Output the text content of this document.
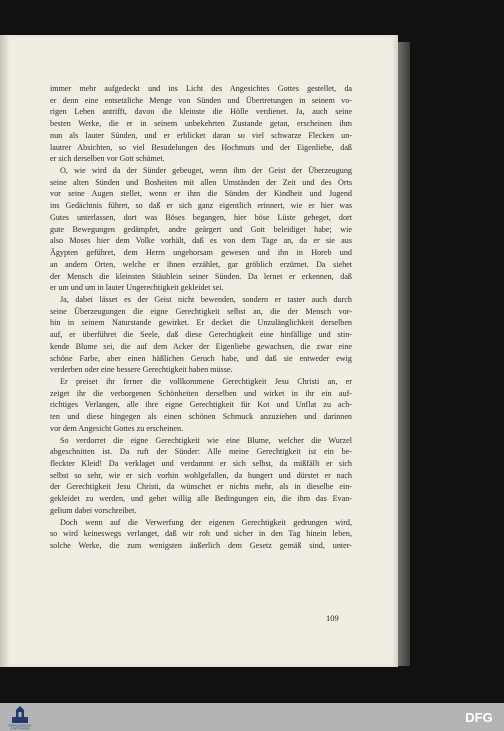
immer mehr aufgedeckt und ins Licht des Angesichtes Gottes gestellet, da
er denn eine entsetzliche Menge von Sünden und Übertretungen in seinem vo-
rigen Leben antrifft, davon die kleinste die Hölle verdienet. Ja, auch seine
besten Werke, die er in seinem unbekehrten Zustande getan, erscheinen ihm
nun als lauter Sünden, und er erblicket daran so viel schwarze Flecken un-
lautrer Absichten, so viel Besudelungen des Hochmuts und der Eigenliebe, daß
er sich derselben vor Gott schämet.
O, wie wird da der Sünder gebeuget, wenn ihm der Geist der Überzeugung
seine alten Sünden und Bosheiten mit allen Umständen der Zeit und des Orts
vor seine Augen stellet, wenn er ihm die Sünden der Kindheit und Jugend
ins Gedächtnis führet, so daß er sich ganz eigentlich erinnert, wie er hier was
Gutes unterlassen, dort was Böses begangen, hier böse Lüste geheget, dort
gute Bewegungen gedämpfet, andre geärgert und Gott beleidiget habe; wie
also Moses hier dem Volke vorhält, daß es von dem Tage an, da er sie aus
Ägypten geführet, dem Herrn ungehorsam gewesen und ihn in Horeb und
an andern Orten, welche er ihnen erzählet, gar gröblich erzürnet. Da siehet
der Mensch die kleinsten Stäublein seiner Sünden. Da lernet er erkennen, daß
er um und um in lauter Ungerechtigkeit gekleidet sei.
Ja, dabei lässet es der Geist nicht bewenden, sondern er taster auch durch
seine Überzeugungen die eigne Gerechtigkeit selbst an, die der Mensch vor-
hin in seinem Naturstande gewirket. Er decket die Unzulänglichkeit derselben
auf, er überführet die Seele, daß diese Gerechtigkeit eine hinfällige und stin-
kende Blume sei, die auf dem Acker der Eigenliebe gewachsen, die zwar eine
schöne Farbe, aber einen häßlichen Geruch habe, und daß sie entweder ewig
verderben oder eine bessere Gerechtigkeit haben müsse.
Er preiset ihr ferner die vollkommene Gerechtigkeit Jesu Christi an, er
zeiget ihr die verborgenen Schönheiten derselben und wirket in ihr ein auf-
richtiges Verlangen, alle ihre eigne Gerechtigkeit für Kot und Unflat zu ach-
ten und diese hingegen als einen schönen Schmuck anzuziehen und darinnen
vor dem Angesicht Gottes zu erscheinen.
So verdorret die eigne Gerechtigkeit wie eine Blume, welcher die Wurzel
abgeschnitten ist. Da ruft der Sünder: Alle meine Gerechtigkeit ist ein be-
fleckter Kleid! Da verklaget und verdammt er sich selbst, da mißfällt er sich
selbst so sehr, wie er sich vorhin wohlgefallen, da hungert und dürstet er nach
der Gerechtigkeit Jesu Christi, da wünschet er nichts mehr, als in dieselbe ein-
gekleidet zu werden, und gehet willig alle Bedingungen ein, die ihm das Evan-
gelium dabei vorschreibet.
Doch wenn auf die Verwerfung der eigenen Gerechtigkeit gedrungen wird,
so wird keineswegs verlanget, daß wir roh und sicher in den Tag hinein leben,
solche Werke, die zum wenigsten äußerlich dem Gesetz gemäß sind, unter-
109
FRANCKESCHE
STIFTUNGEN
DFG
